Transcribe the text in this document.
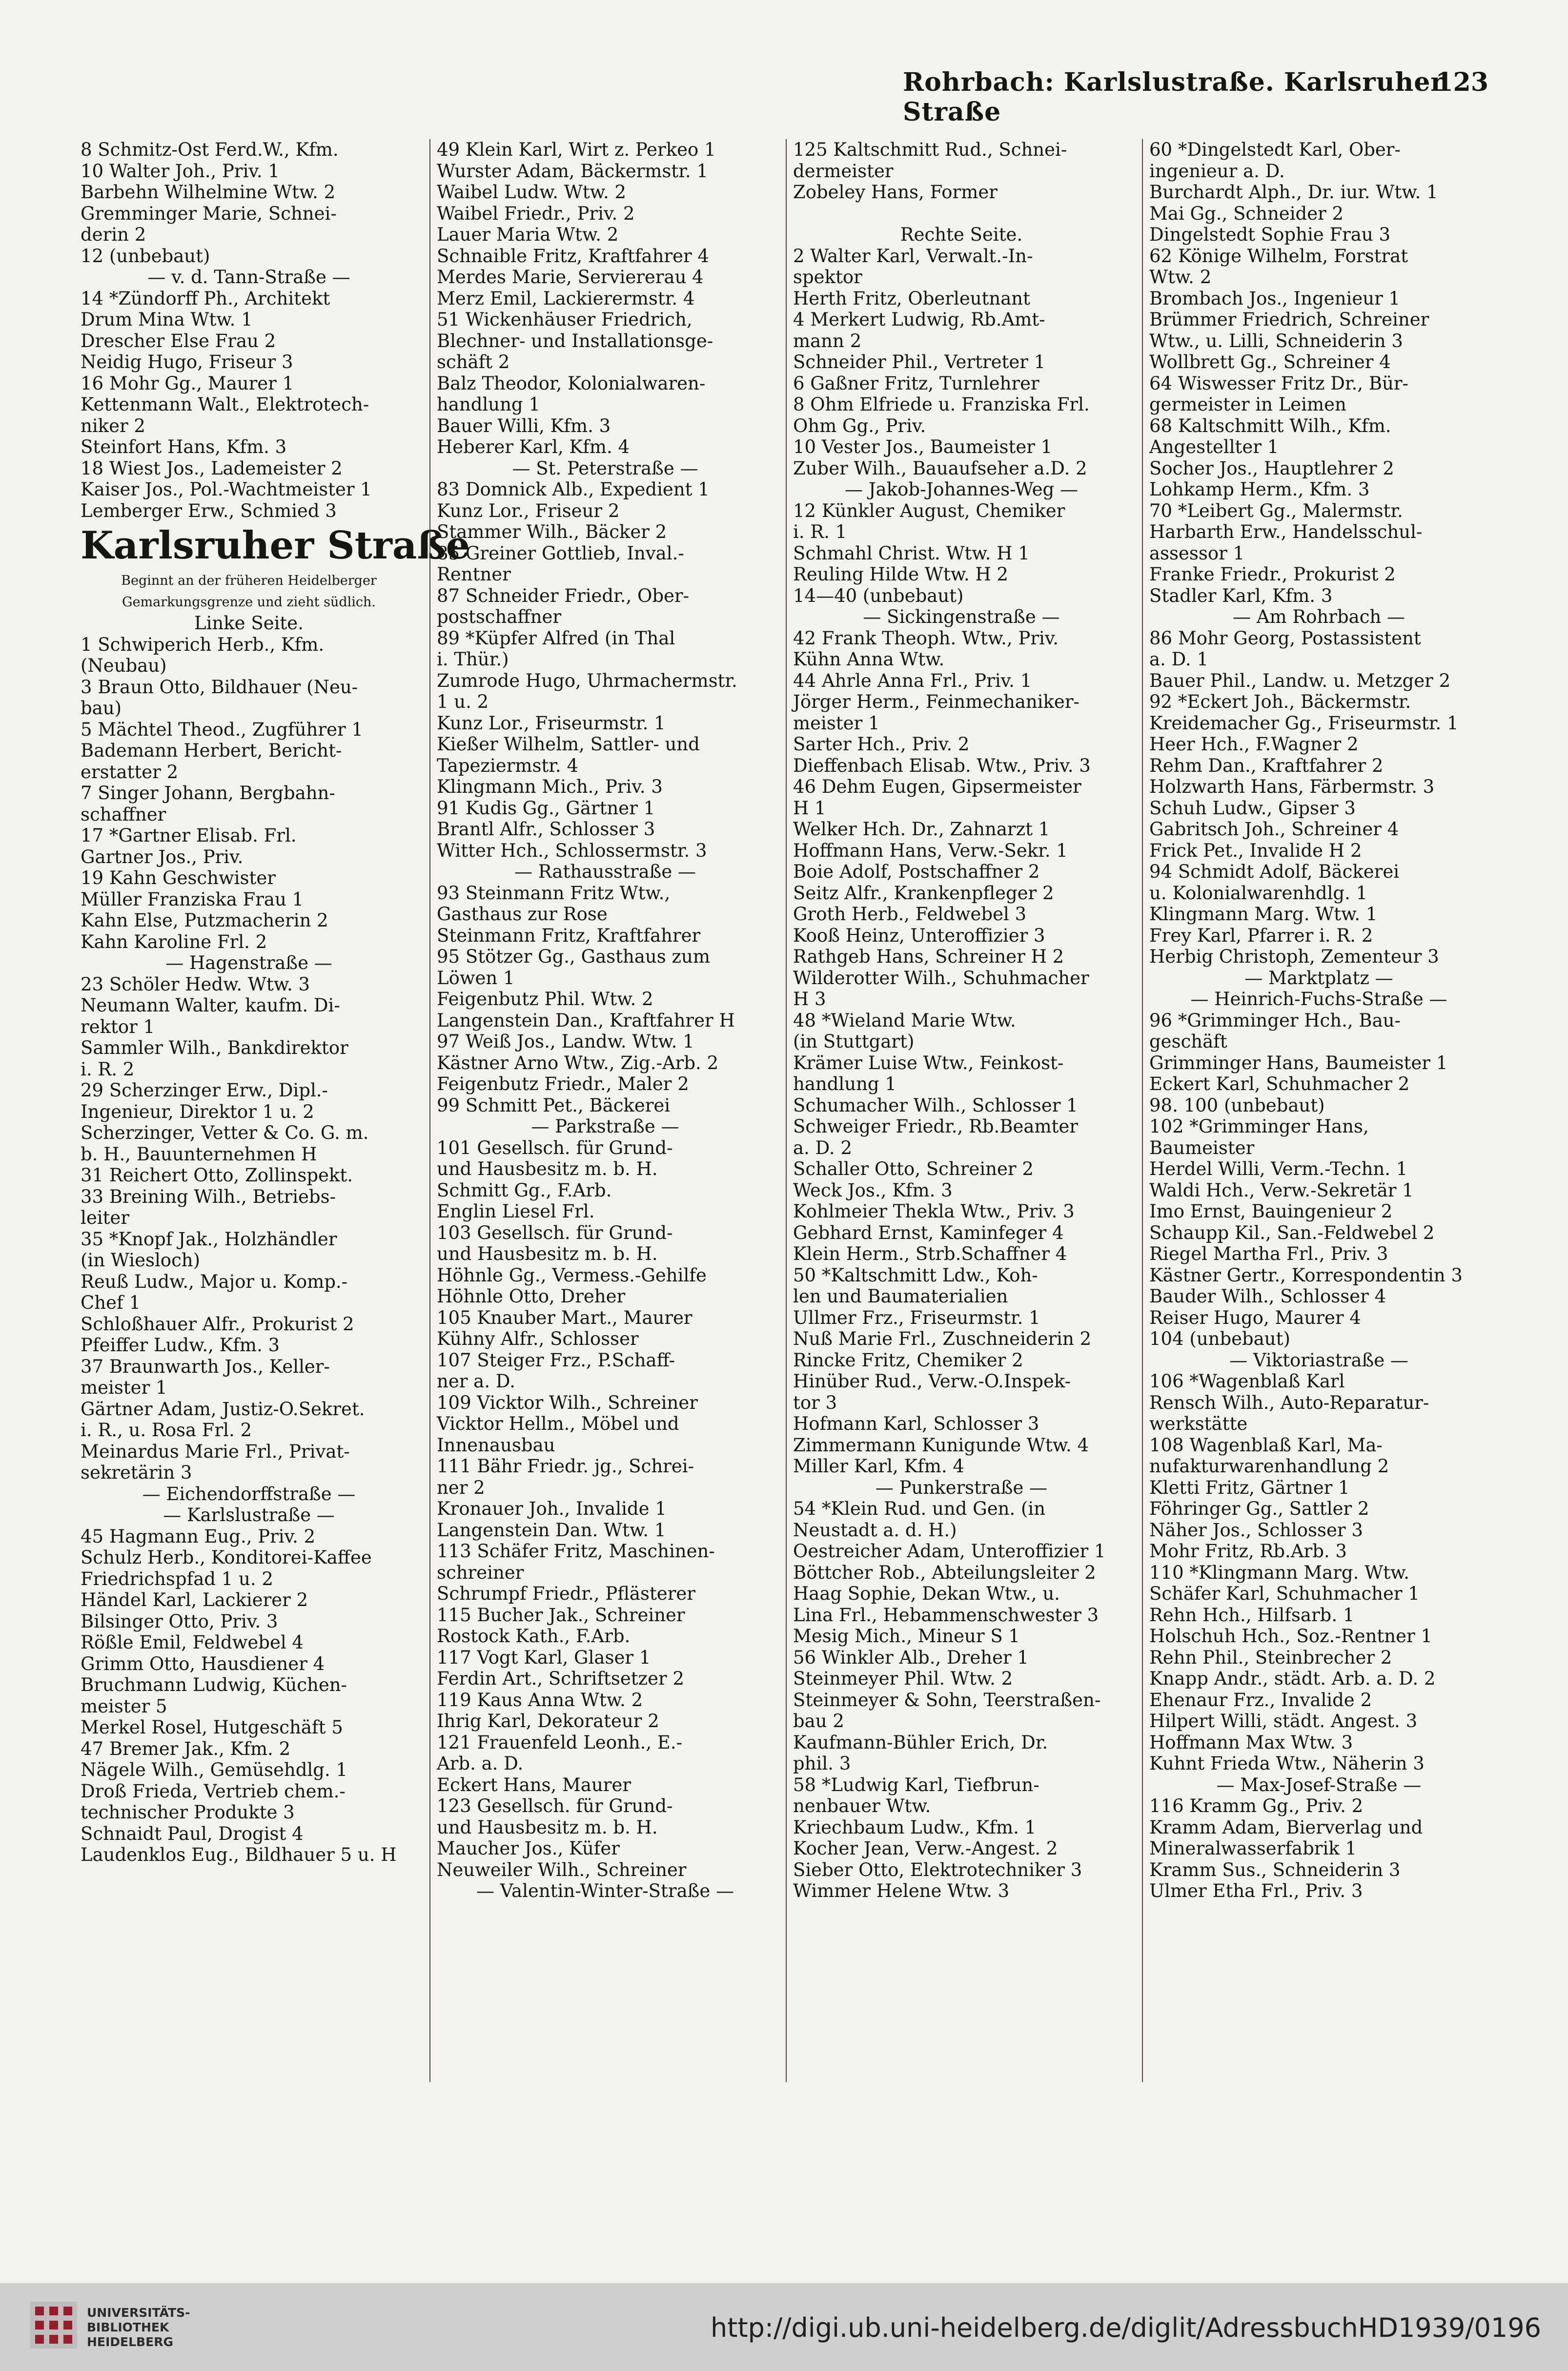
Rohrbach: Karlslustraße. Karlsruher Straße
123
8 Schmitz-Ost Ferd.W., Kfm.
10 Walter Joh., Priv. 1
Barbehn Wilhelmine Wtw. 2
Gremminger Marie, Schnei-
derin 2
12 (unbebaut)
— v. d. Tann-Straße —
14 *Zündorff Ph., Architekt
Drum Mina Wtw. 1
Drescher Else Frau 2
Neidig Hugo, Friseur 3
16 Mohr Gg., Maurer 1
Kettenmann Walt., Elektrotech-
niker 2
Steinfort Hans, Kfm. 3
18 Wiest Jos., Lademeister 2
Kaiser Jos., Pol.-Wachtmeister 1
Lemberger Erw., Schmied 3
Karlsruher Straße
Beginnt an der früheren Heidelberger
Gemarkungsgrenze und zieht südlich.
Linke Seite.
1 Schwiperich Herb., Kfm.
(Neubau)
3 Braun Otto, Bildhauer (Neu-
bau)
5 Mächtel Theod., Zugführer 1
Bademann Herbert, Bericht-
erstatter 2
7 Singer Johann, Bergbahn-
schaffner
17 *Gartner Elisab. Frl.
Gartner Jos., Priv.
19 Kahn Geschwister
Müller Franziska Frau 1
Kahn Else, Putzmacherin 2
Kahn Karoline Frl. 2
— Hagenstraße —
23 Schöler Hedw. Wtw. 3
Neumann Walter, kaufm. Di-
rektor 1
Sammler Wilh., Bankdirektor
i. R. 2
29 Scherzinger Erw., Dipl.-
Ingenieur, Direktor 1 u. 2
Scherzinger, Vetter & Co. G. m.
b. H., Bauunternehmen H
31 Reichert Otto, Zollinspekt.
33 Breining Wilh., Betriebs-
leiter
35 *Knopf Jak., Holzhändler
(in Wiesloch)
Reuß Ludw., Major u. Komp.-
Chef 1
Schloßhauer Alfr., Prokurist 2
Pfeiffer Ludw., Kfm. 3
37 Braunwarth Jos., Keller-
meister 1
Gärtner Adam, Justiz-O.Sekret.
i. R., u. Rosa Frl. 2
Meinardus Marie Frl., Privat-
sekretärin 3
— Eichendorffstraße —
— Karlslustraße —
45 Hagmann Eug., Priv. 2
Schulz Herb., Konditorei-Kaffee
Friedrichspfad 1 u. 2
Händel Karl, Lackierer 2
Bilsinger Otto, Priv. 3
Rößle Emil, Feldwebel 4
Grimm Otto, Hausdiener 4
Bruchmann Ludwig, Küchen-
meister 5
Merkel Rosel, Hutgeschäft 5
47 Bremer Jak., Kfm. 2
Nägele Wilh., Gemüsehdlg. 1
Droß Frieda, Vertrieb chem.-
technischer Produkte 3
Schnaidt Paul, Drogist 4
Laudenklos Eug., Bildhauer 5 u. H
49 Klein Karl, Wirt z. Perkeo 1
Wurster Adam, Bäckermstr. 1
Waibel Ludw. Wtw. 2
Waibel Friedr., Priv. 2
Lauer Maria Wtw. 2
Schnaible Fritz, Kraftfahrer 4
Merdes Marie, Serviererau 4
Merz Emil, Lackierermstr. 4
51 Wickenhäuser Friedrich,
Blechner- und Installationsge-
schäft 2
Balz Theodor, Kolonialwaren-
handlung 1
Bauer Willi, Kfm. 3
Heberer Karl, Kfm. 4
— St. Peterstraße —
83 Domnick Alb., Expedient 1
Kunz Lor., Friseur 2
Stammer Wilh., Bäcker 2
85 Greiner Gottlieb, Inval.-
Rentner
87 Schneider Friedr., Ober-
postschaffner
89 *Küpfer Alfred (in Thal
i. Thür.)
Zumrode Hugo, Uhrmachermstr.
1 u. 2
Kunz Lor., Friseurmstr. 1
Kießer Wilhelm, Sattler- und
Tapeziermstr. 4
Klingmann Mich., Priv. 3
91 Kudis Gg., Gärtner 1
Brantl Alfr., Schlosser 3
Witter Hch., Schlossermstr. 3
— Rathausstraße —
93 Steinmann Fritz Wtw.,
Gasthaus zur Rose
Steinmann Fritz, Kraftfahrer
95 Stötzer Gg., Gasthaus zum
Löwen 1
Feigenbutz Phil. Wtw. 2
Langenstein Dan., Kraftfahrer H
97 Weiß Jos., Landw. Wtw. 1
Kästner Arno Wtw., Zig.-Arb. 2
Feigenbutz Friedr., Maler 2
99 Schmitt Pet., Bäckerei
— Parkstraße —
101 Gesellsch. für Grund-
und Hausbesitz m. b. H.
Schmitt Gg., F.Arb.
Englin Liesel Frl.
103 Gesellsch. für Grund-
und Hausbesitz m. b. H.
Höhnle Gg., Vermess.-Gehilfe
Höhnle Otto, Dreher
105 Knauber Mart., Maurer
Kühny Alfr., Schlosser
107 Steiger Frz., P.Schaff-
ner a. D.
109 Vicktor Wilh., Schreiner
Vicktor Hellm., Möbel und
Innenausbau
111 Bähr Friedr. jg., Schrei-
ner 2
Kronauer Joh., Invalide 1
Langenstein Dan. Wtw. 1
113 Schäfer Fritz, Maschinen-
schreiner
Schrumpf Friedr., Pflästerer
115 Bucher Jak., Schreiner
Rostock Kath., F.Arb.
117 Vogt Karl, Glaser 1
Ferdin Art., Schriftsetzer 2
119 Kaus Anna Wtw. 2
Ihrig Karl, Dekorateur 2
121 Frauenfeld Leonh., E.-
Arb. a. D.
Eckert Hans, Maurer
123 Gesellsch. für Grund-
und Hausbesitz m. b. H.
Maucher Jos., Küfer
Neuweiler Wilh., Schreiner
— Valentin-Winter-Straße —
125 Kaltschmitt Rud., Schnei-
dermeister
Zobeley Hans, Former
Rechte Seite.
2 Walter Karl, Verwalt.-In-
spektor
Herth Fritz, Oberleutnant
4 Merkert Ludwig, Rb.Amt-
mann 2
Schneider Phil., Vertreter 1
6 Gaßner Fritz, Turnlehrer
8 Ohm Elfriede u. Franziska Frl.
Ohm Gg., Priv.
10 Vester Jos., Baumeister 1
Zuber Wilh., Bauaufseher a.D. 2
— Jakob-Johannes-Weg —
12 Künkler August, Chemiker
i. R. 1
Schmahl Christ. Wtw. H 1
Reuling Hilde Wtw. H 2
14—40 (unbebaut)
— Sickingenstraße —
42 Frank Theoph. Wtw., Priv.
Kühn Anna Wtw.
44 Ahrle Anna Frl., Priv. 1
Jörger Herm., Feinmechaniker-
meister 1
Sarter Hch., Priv. 2
Dieffenbach Elisab. Wtw., Priv. 3
46 Dehm Eugen, Gipsermeister
H 1
Welker Hch. Dr., Zahnarzt 1
Hoffmann Hans, Verw.-Sekr. 1
Boie Adolf, Postschaffner 2
Seitz Alfr., Krankenpfleger 2
Groth Herb., Feldwebel 3
Kooß Heinz, Unteroffizier 3
Rathgeb Hans, Schreiner H 2
Wilderotter Wilh., Schuhmacher
H 3
48 *Wieland Marie Wtw.
(in Stuttgart)
Krämer Luise Wtw., Feinkost-
handlung 1
Schumacher Wilh., Schlosser 1
Schweiger Friedr., Rb.Beamter
a. D. 2
Schaller Otto, Schreiner 2
Weck Jos., Kfm. 3
Kohlmeier Thekla Wtw., Priv. 3
Gebhard Ernst, Kaminfeger 4
Klein Herm., Strb.Schaffner 4
50 *Kaltschmitt Ldw., Koh-
len und Baumaterialien
Ullmer Frz., Friseurmstr. 1
Nuß Marie Frl., Zuschneiderin 2
Rincke Fritz, Chemiker 2
Hinüber Rud., Verw.-O.Inspek-
tor 3
Hofmann Karl, Schlosser 3
Zimmermann Kunigunde Wtw. 4
Miller Karl, Kfm. 4
— Punkerstraße —
54 *Klein Rud. und Gen. (in
Neustadt a. d. H.)
Oestreicher Adam, Unteroffizier 1
Böttcher Rob., Abteilungsleiter 2
Haag Sophie, Dekan Wtw., u.
Lina Frl., Hebammenschwester 3
Mesig Mich., Mineur S 1
56 Winkler Alb., Dreher 1
Steinmeyer Phil. Wtw. 2
Steinmeyer & Sohn, Teerstraßen-
bau 2
Kaufmann-Bühler Erich, Dr.
phil. 3
58 *Ludwig Karl, Tiefbrun-
nenbauer Wtw.
Kriechbaum Ludw., Kfm. 1
Kocher Jean, Verw.-Angest. 2
Sieber Otto, Elektrotechniker 3
Wimmer Helene Wtw. 3
60 *Dingelstedt Karl, Ober-
ingenieur a. D.
Burchardt Alph., Dr. iur. Wtw. 1
Mai Gg., Schneider 2
Dingelstedt Sophie Frau 3
62 Könige Wilhelm, Forstrat
Wtw. 2
Brombach Jos., Ingenieur 1
Brümmer Friedrich, Schreiner
Wtw., u. Lilli, Schneiderin 3
Wollbrett Gg., Schreiner 4
64 Wiswesser Fritz Dr., Bür-
germeister in Leimen
68 Kaltschmitt Wilh., Kfm.
Angestellter 1
Socher Jos., Hauptlehrer 2
Lohkamp Herm., Kfm. 3
70 *Leibert Gg., Malermstr.
Harbarth Erw., Handelsschul-
assessor 1
Franke Friedr., Prokurist 2
Stadler Karl, Kfm. 3
— Am Rohrbach —
86 Mohr Georg, Postassistent
a. D. 1
Bauer Phil., Landw. u. Metzger 2
92 *Eckert Joh., Bäckermstr.
Kreidemacher Gg., Friseurmstr. 1
Heer Hch., F.Wagner 2
Rehm Dan., Kraftfahrer 2
Holzwarth Hans, Färbermstr. 3
Schuh Ludw., Gipser 3
Gabritsch Joh., Schreiner 4
Frick Pet., Invalide H 2
94 Schmidt Adolf, Bäckerei
u. Kolonialwarenhdlg. 1
Klingmann Marg. Wtw. 1
Frey Karl, Pfarrer i. R. 2
Herbig Christoph, Zementeur 3
— Marktplatz —
— Heinrich-Fuchs-Straße —
96 *Grimminger Hch., Bau-
geschäft
Grimminger Hans, Baumeister 1
Eckert Karl, Schuhmacher 2
98. 100 (unbebaut)
102 *Grimminger Hans,
Baumeister
Herdel Willi, Verm.-Techn. 1
Waldi Hch., Verw.-Sekretär 1
Imo Ernst, Bauingenieur 2
Schaupp Kil., San.-Feldwebel 2
Riegel Martha Frl., Priv. 3
Kästner Gertr., Korrespondentin 3
Bauder Wilh., Schlosser 4
Reiser Hugo, Maurer 4
104 (unbebaut)
— Viktoriastraße —
106 *Wagenblaß Karl
Rensch Wilh., Auto-Reparatur-
werkstätte
108 Wagenblaß Karl, Ma-
nufakturwarenhandlung 2
Kletti Fritz, Gärtner 1
Föhringer Gg., Sattler 2
Näher Jos., Schlosser 3
Mohr Fritz, Rb.Arb. 3
110 *Klingmann Marg. Wtw.
Schäfer Karl, Schuhmacher 1
Rehn Hch., Hilfsarb. 1
Holschuh Hch., Soz.-Rentner 1
Rehn Phil., Steinbrecher 2
Knapp Andr., städt. Arb. a. D. 2
Ehenaur Frz., Invalide 2
Hilpert Willi, städt. Angest. 3
Hoffmann Max Wtw. 3
Kuhnt Frieda Wtw., Näherin 3
— Max-Josef-Straße —
116 Kramm Gg., Priv. 2
Kramm Adam, Bierverlag und
Mineralwasserfabrik 1
Kramm Sus., Schneiderin 3
Ulmer Etha Frl., Priv. 3
UNIVERSITÄTS-
BIBLIOTHEK
HEIDELBERG	http://digi.ub.uni-heidelberg.de/diglit/AdressbuchHD1939/0196
